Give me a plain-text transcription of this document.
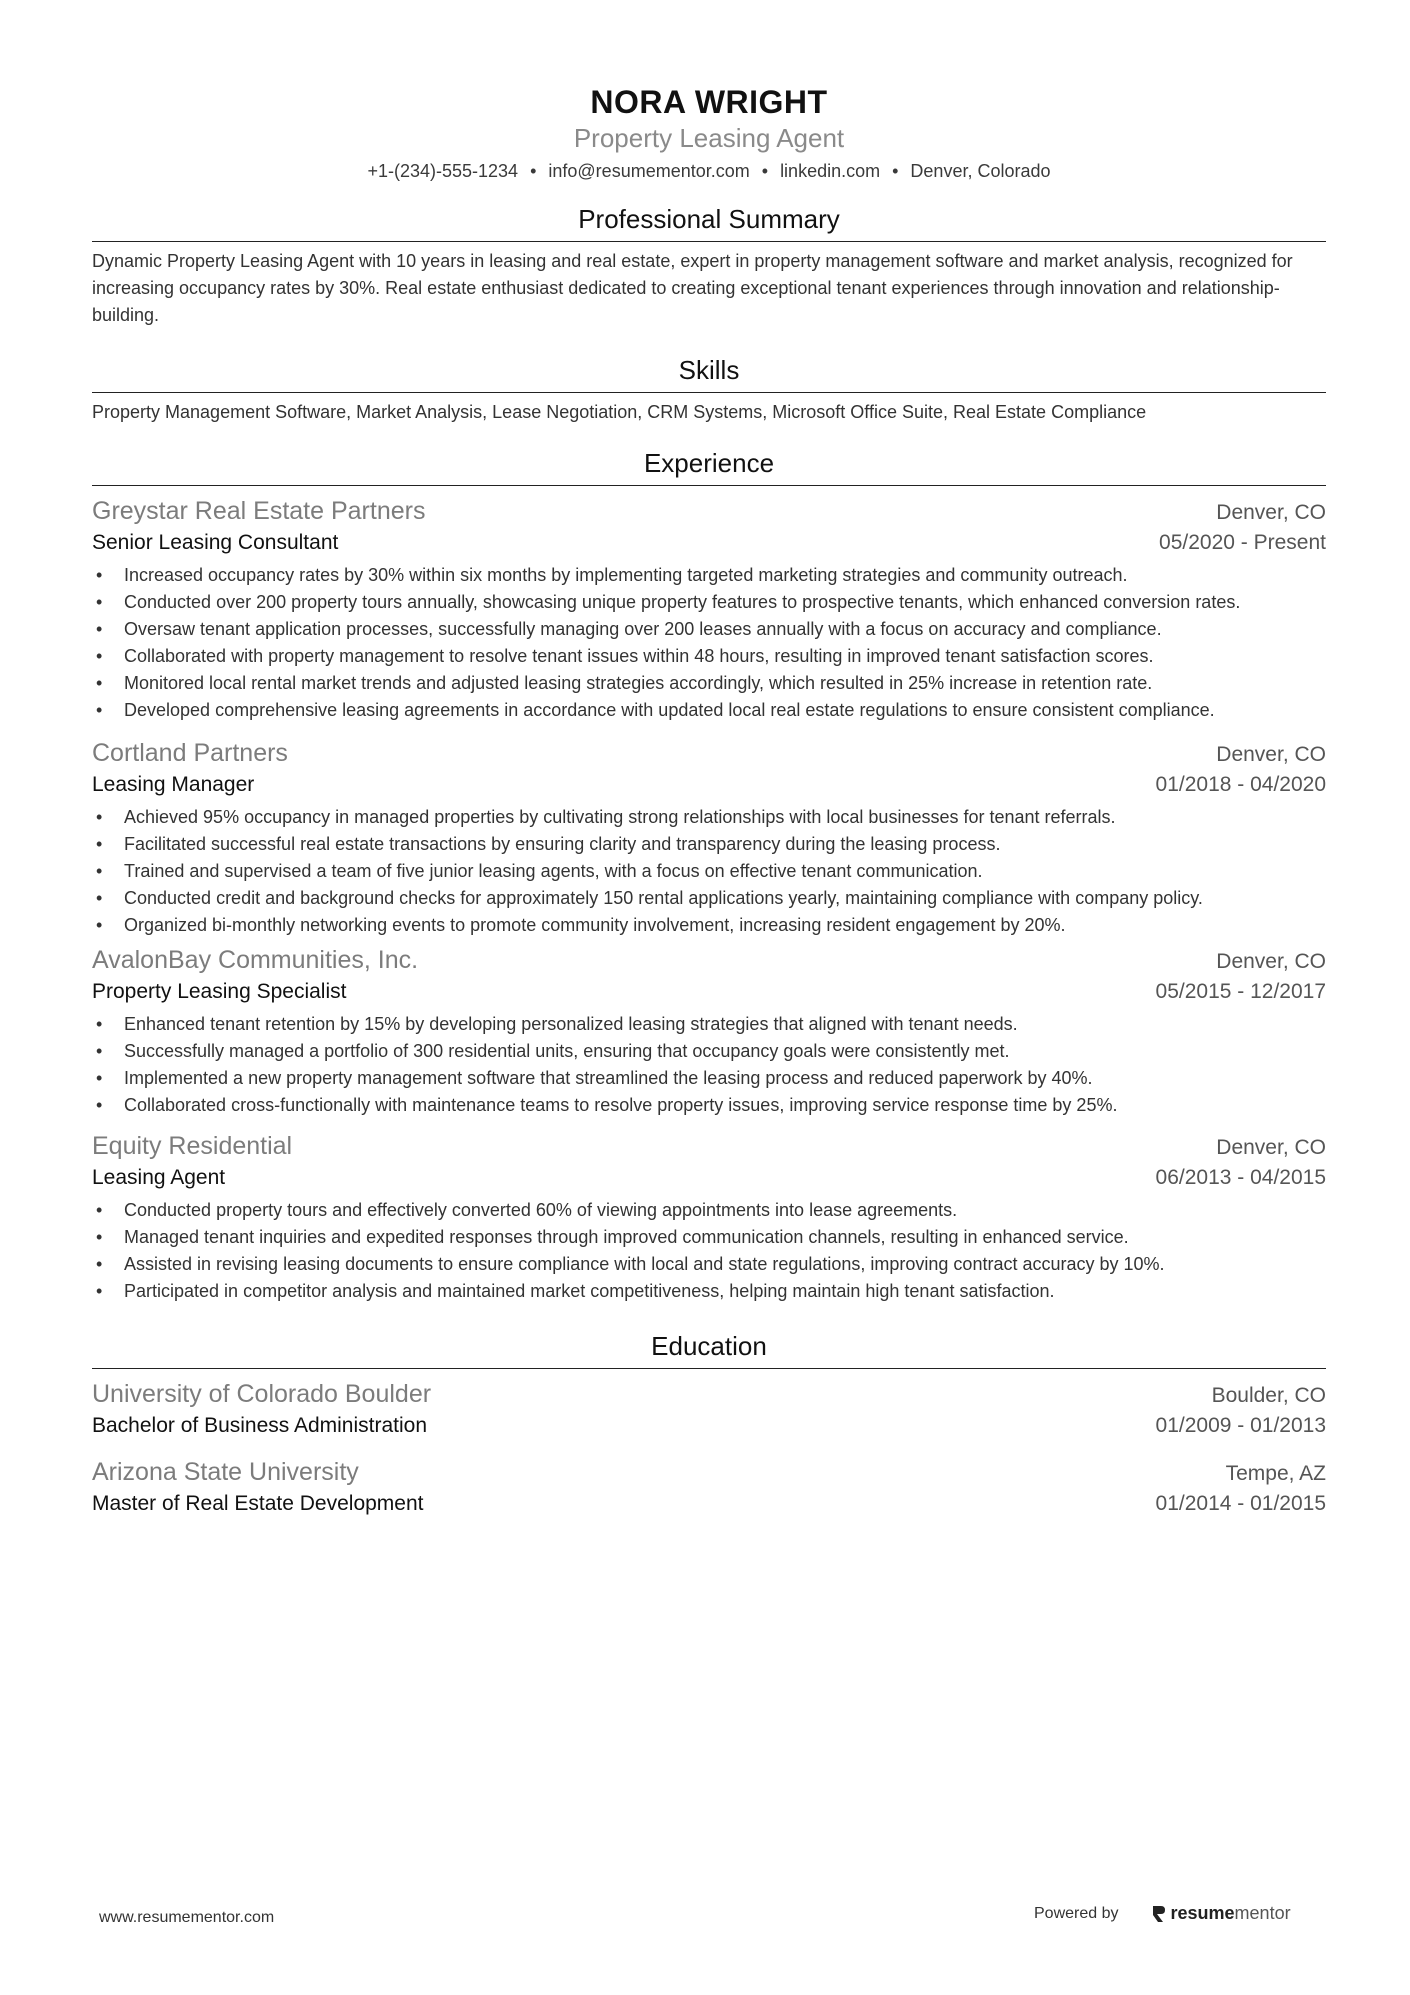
NORA WRIGHT
Property Leasing Agent
+1-(234)-555-1234 • info@resumementor.com • linkedin.com • Denver, Colorado
Professional Summary
Dynamic Property Leasing Agent with 10 years in leasing and real estate, expert in property management software and market analysis, recognized for increasing occupancy rates by 30%. Real estate enthusiast dedicated to creating exceptional tenant experiences through innovation and relationship-building.
Skills
Property Management Software, Market Analysis, Lease Negotiation, CRM Systems, Microsoft Office Suite, Real Estate Compliance
Experience
Greystar Real Estate Partners	Denver, CO
Senior Leasing Consultant	05/2020 - Present
• Increased occupancy rates by 30% within six months by implementing targeted marketing strategies and community outreach.
• Conducted over 200 property tours annually, showcasing unique property features to prospective tenants, which enhanced conversion rates.
• Oversaw tenant application processes, successfully managing over 200 leases annually with a focus on accuracy and compliance.
• Collaborated with property management to resolve tenant issues within 48 hours, resulting in improved tenant satisfaction scores.
• Monitored local rental market trends and adjusted leasing strategies accordingly, which resulted in 25% increase in retention rate.
• Developed comprehensive leasing agreements in accordance with updated local real estate regulations to ensure consistent compliance.
Cortland Partners	Denver, CO
Leasing Manager	01/2018 - 04/2020
• Achieved 95% occupancy in managed properties by cultivating strong relationships with local businesses for tenant referrals.
• Facilitated successful real estate transactions by ensuring clarity and transparency during the leasing process.
• Trained and supervised a team of five junior leasing agents, with a focus on effective tenant communication.
• Conducted credit and background checks for approximately 150 rental applications yearly, maintaining compliance with company policy.
• Organized bi-monthly networking events to promote community involvement, increasing resident engagement by 20%.
AvalonBay Communities, Inc.	Denver, CO
Property Leasing Specialist	05/2015 - 12/2017
• Enhanced tenant retention by 15% by developing personalized leasing strategies that aligned with tenant needs.
• Successfully managed a portfolio of 300 residential units, ensuring that occupancy goals were consistently met.
• Implemented a new property management software that streamlined the leasing process and reduced paperwork by 40%.
• Collaborated cross-functionally with maintenance teams to resolve property issues, improving service response time by 25%.
Equity Residential	Denver, CO
Leasing Agent	06/2013 - 04/2015
• Conducted property tours and effectively converted 60% of viewing appointments into lease agreements.
• Managed tenant inquiries and expedited responses through improved communication channels, resulting in enhanced service.
• Assisted in revising leasing documents to ensure compliance with local and state regulations, improving contract accuracy by 10%.
• Participated in competitor analysis and maintained market competitiveness, helping maintain high tenant satisfaction.
Education
University of Colorado Boulder	Boulder, CO
Bachelor of Business Administration	01/2009 - 01/2013
Arizona State University	Tempe, AZ
Master of Real Estate Development	01/2014 - 01/2015
www.resumementor.com	Powered by	resume mentor
